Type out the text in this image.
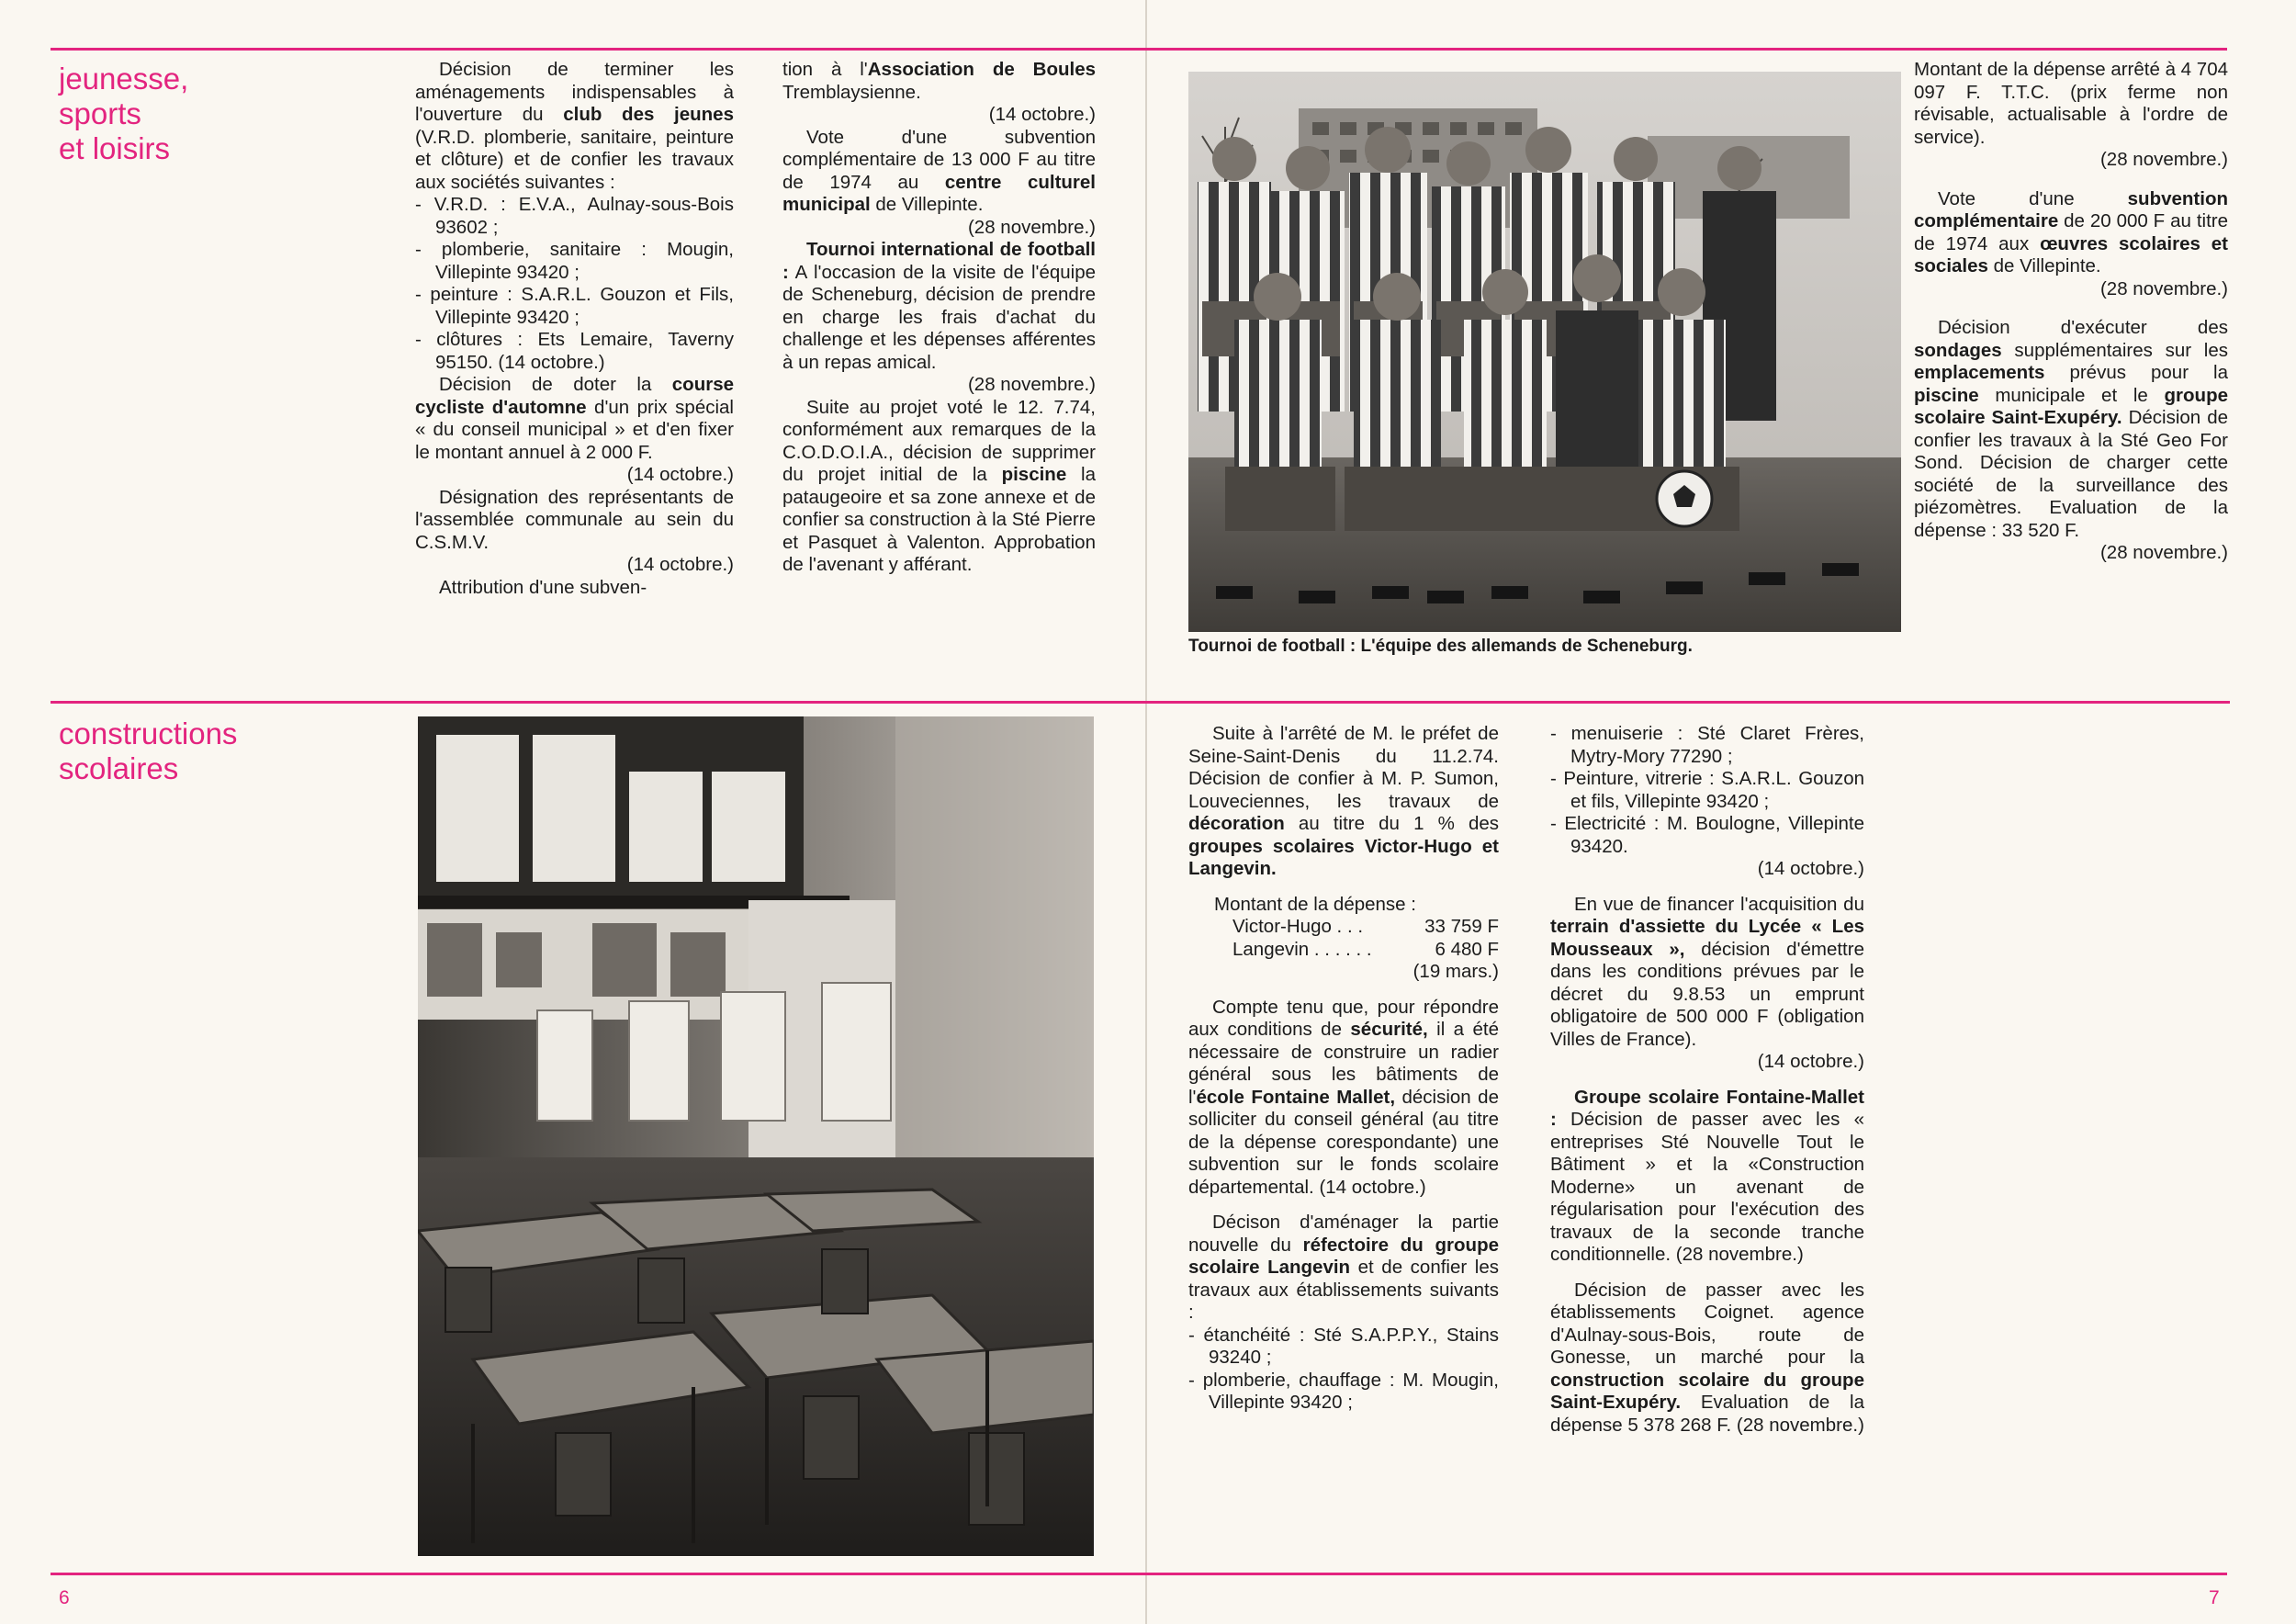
jeunesse,
sports
et loisirs
constructions
scolaires

Décision de terminer les aménagements indispensables à l'ouverture du club des jeunes (V.R.D. plomberie, sanitaire, peinture et clôture) et de confier les travaux aux sociétés suivantes :

- V.R.D. : E.V.A., Aulnay-sous-Bois 93602 ;

- plomberie, sanitaire : Mougin, Villepinte 93420 ;

- peinture : S.A.R.L. Gouzon et Fils, Villepinte 93420 ;

- clôtures : Ets Lemaire, Taverny 95150. (14 octobre.)

Décision de doter la course cycliste d'automne d'un prix spécial « du conseil municipal » et d'en fixer le montant annuel à 2 000 F.

(14 octobre.)

Désignation des représentants de l'assemblée communale au sein du C.S.M.V.

(14 octobre.)

Attribution d'une subven-

tion à l'Association de Boules Tremblaysienne.

(14 octobre.)

Vote d'une subvention complémentaire de 13 000 F au titre de 1974 au centre culturel municipal de Villepinte.

(28 novembre.)

Tournoi international de football : A l'occasion de la visite de l'équipe de Scheneburg, décision de prendre en charge les frais d'achat du challenge et les dépenses afférentes à un repas amical.

(28 novembre.)

Suite au projet voté le 12. 7.74, conformément aux remarques de la C.O.D.O.I.A., décision de supprimer du projet initial de la piscine la pataugeoire et sa zone annexe et de confier sa construction à la Sté Pierre et Pasquet à Valenton. Approbation de l'avenant y afférant.

Tournoi de football : L'équipe des allemands de Scheneburg.

Montant de la dépense arrêté à 4 704 097 F. T.T.C. (prix ferme non révisable, actualisable à l'ordre de service).

(28 novembre.)

Vote d'une subvention complémentaire de 20 000 F au titre de 1974 aux œuvres scolaires et sociales de Villepinte.

(28 novembre.)

Décision d'exécuter des sondages supplémentaires sur les emplacements prévus pour la piscine municipale et le groupe scolaire Saint-Exupéry. Décision de confier les travaux à la Sté Geo For Sond. Décision de charger cette société de la surveillance des piézomètres. Evaluation de la dépense : 33 520 F.

(28 novembre.)

Suite à l'arrêté de M. le préfet de Seine-Saint-Denis du 11.2.74. Décision de confier à M. P. Sumon, Louveciennes, les travaux de décoration au titre du 1 % des groupes scolaires Victor-Hugo et Langevin.

Montant de la dépense :

Victor-Hugo . . .	33 759 F
Langevin . . . . . .	6 480 F

(19 mars.)

Compte tenu que, pour répondre aux conditions de sécurité, il a été nécessaire de construire un radier général sous les bâtiments de l'école Fontaine Mallet, décision de solliciter du conseil général (au titre de la dépense corespondante) une subvention sur le fonds scolaire départemental. (14 octobre.)

Décison d'aménager la partie nouvelle du réfectoire du groupe scolaire Langevin et de confier les travaux aux établissements suivants :

- étanchéité : Sté S.A.P.P.Y., Stains 93240 ;

- plomberie, chauffage : M. Mougin, Villepinte 93420 ;

- menuiserie : Sté Claret Frères, Mytry-Mory 77290 ;

- Peinture, vitrerie : S.A.R.L. Gouzon et fils, Villepinte 93420 ;

- Electricité : M. Boulogne, Villepinte 93420.

(14 octobre.)

En vue de financer l'acquisition du terrain d'assiette du Lycée « Les Mousseaux », décision d'émettre dans les conditions prévues par le décret du 9.8.53 un emprunt obligatoire de 500 000 F (obligation Villes de France).

(14 octobre.)

Groupe scolaire Fontaine-Mallet : Décision de passer avec les « entreprises Sté Nouvelle Tout le Bâtiment » et la «Construction Moderne» un avenant de régularisation pour l'exécution des travaux de la seconde tranche conditionnelle. (28 novembre.)

Décision de passer avec les établissements Coignet. agence d'Aulnay-sous-Bois, route de Gonesse, un marché pour la construction scolaire du groupe Saint-Exupéry. Evaluation de la dépense 5 378 268 F. (28 novembre.)

6	7
